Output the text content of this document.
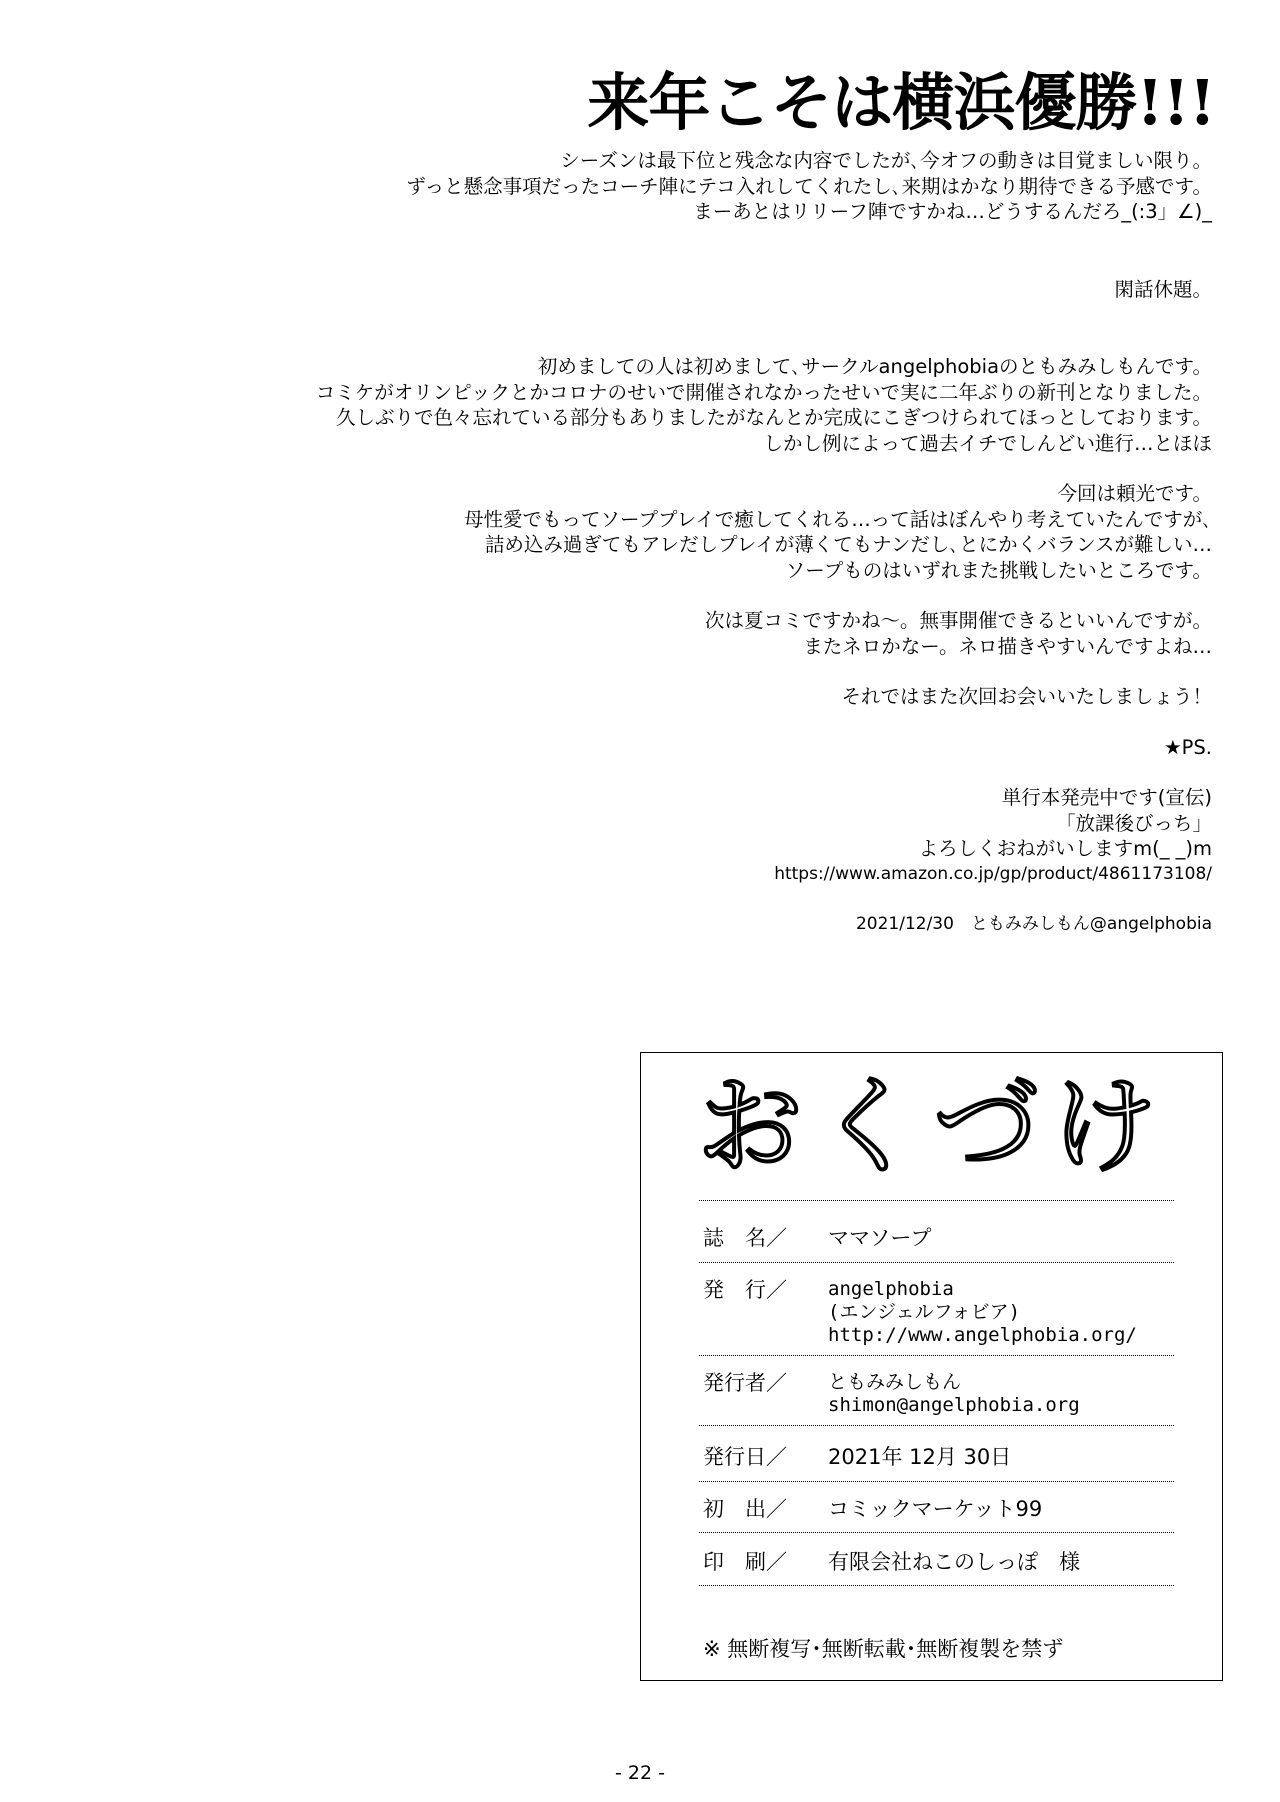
来年こそは横浜優勝!!!

シーズンは最下位と残念な内容でしたが､今オフの動きは目覚ましい限り。

ずっと懸念事項だったコーチ陣にテコ入れしてくれたし､来期はかなり期待できる予感です。

まーあとはリリーフ陣ですかね…どうするんだろ_(:3」∠)_

閑話休題。

初めましての人は初めまして､サークルangelphobiaのともみみしもんです。

コミケがオリンピックとかコロナのせいで開催されなかったせいで実に二年ぶりの新刊となりました。

久しぶりで色々忘れている部分もありましたがなんとか完成にこぎつけられてほっとしております。

しかし例によって過去イチでしんどい進行…とほほ

今回は頼光です。

母性愛でもってソーププレイで癒してくれる…って話はぼんやり考えていたんですが､

詰め込み過ぎてもアレだしプレイが薄くてもナンだし､とにかくバランスが難しい…

ソープものはいずれまた挑戦したいところです。

次は夏コミですかね～。無事開催できるといいんですが。

またネロかなー。ネロ描きやすいんですよね…

それではまた次回お会いいたしましょう！

★PS.

単行本発売中です(宣伝)

「放課後びっち」

よろしくおねがいしますm(_ _)m

https://www.amazon.co.jp/gp/product/4861173108/

2021/12/30　ともみみしもん@angelphobia

おくづけ
誌　名／	ママソープ
発　行／	angelphobia
(エンジェルフォビア)
http://www.angelphobia.org/
発行者／	ともみみしもん
shimon@angelphobia.org
発行日／	2021年 12月 30日
初　出／	コミックマーケット99
印　刷／	有限会社ねこのしっぽ　様
※ 無断複写･無断転載･無断複製を禁ず
- 22 -
